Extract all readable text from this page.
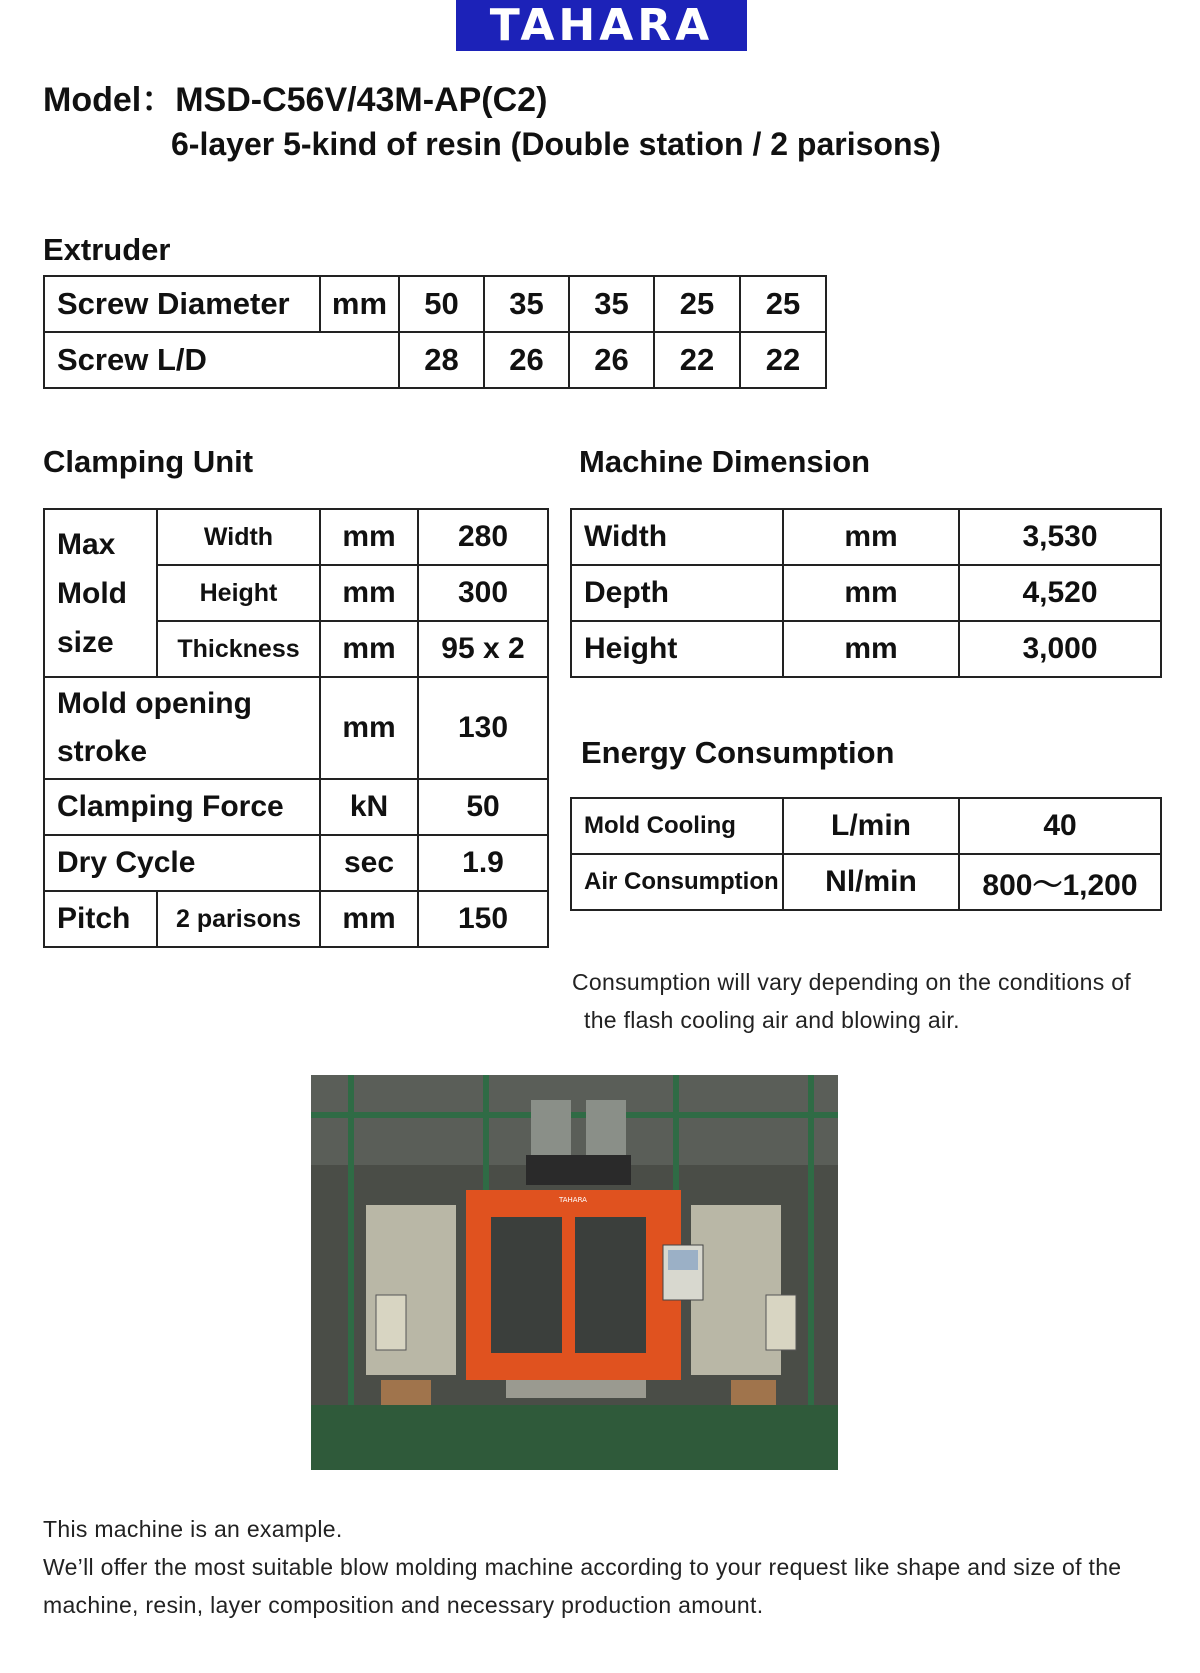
TAHARA
Model：MSD-C56V/43M-AP(C2)
6-layer 5-kind of resin (Double station / 2 parisons)
Extruder
Screw Diameter	mm	50	35	35	25	25
Screw L/D		28	26	26	22	22
Clamping Unit
Max
Mold
size	Width	mm	280
	Height	mm	300
	Thickness	mm	95 x 2

Mold opening
stroke		mm	130
Clamping Force		kN	50
Dry Cycle		sec	1.9
Pitch	2 parisons	mm	150
Machine Dimension
Width	mm	3,530
Depth	mm	4,520
Height	mm	3,000
Energy Consumption
Mold Cooling	L/min	40
Air Consumption	Nl/min	800～1,200
Consumption will vary depending on the conditions of
the flash cooling air and blowing air.
TAHARA
This machine is an example.
We’ll offer the most suitable blow molding machine according to your request like shape and size of the machine, resin, layer composition and necessary production amount.
